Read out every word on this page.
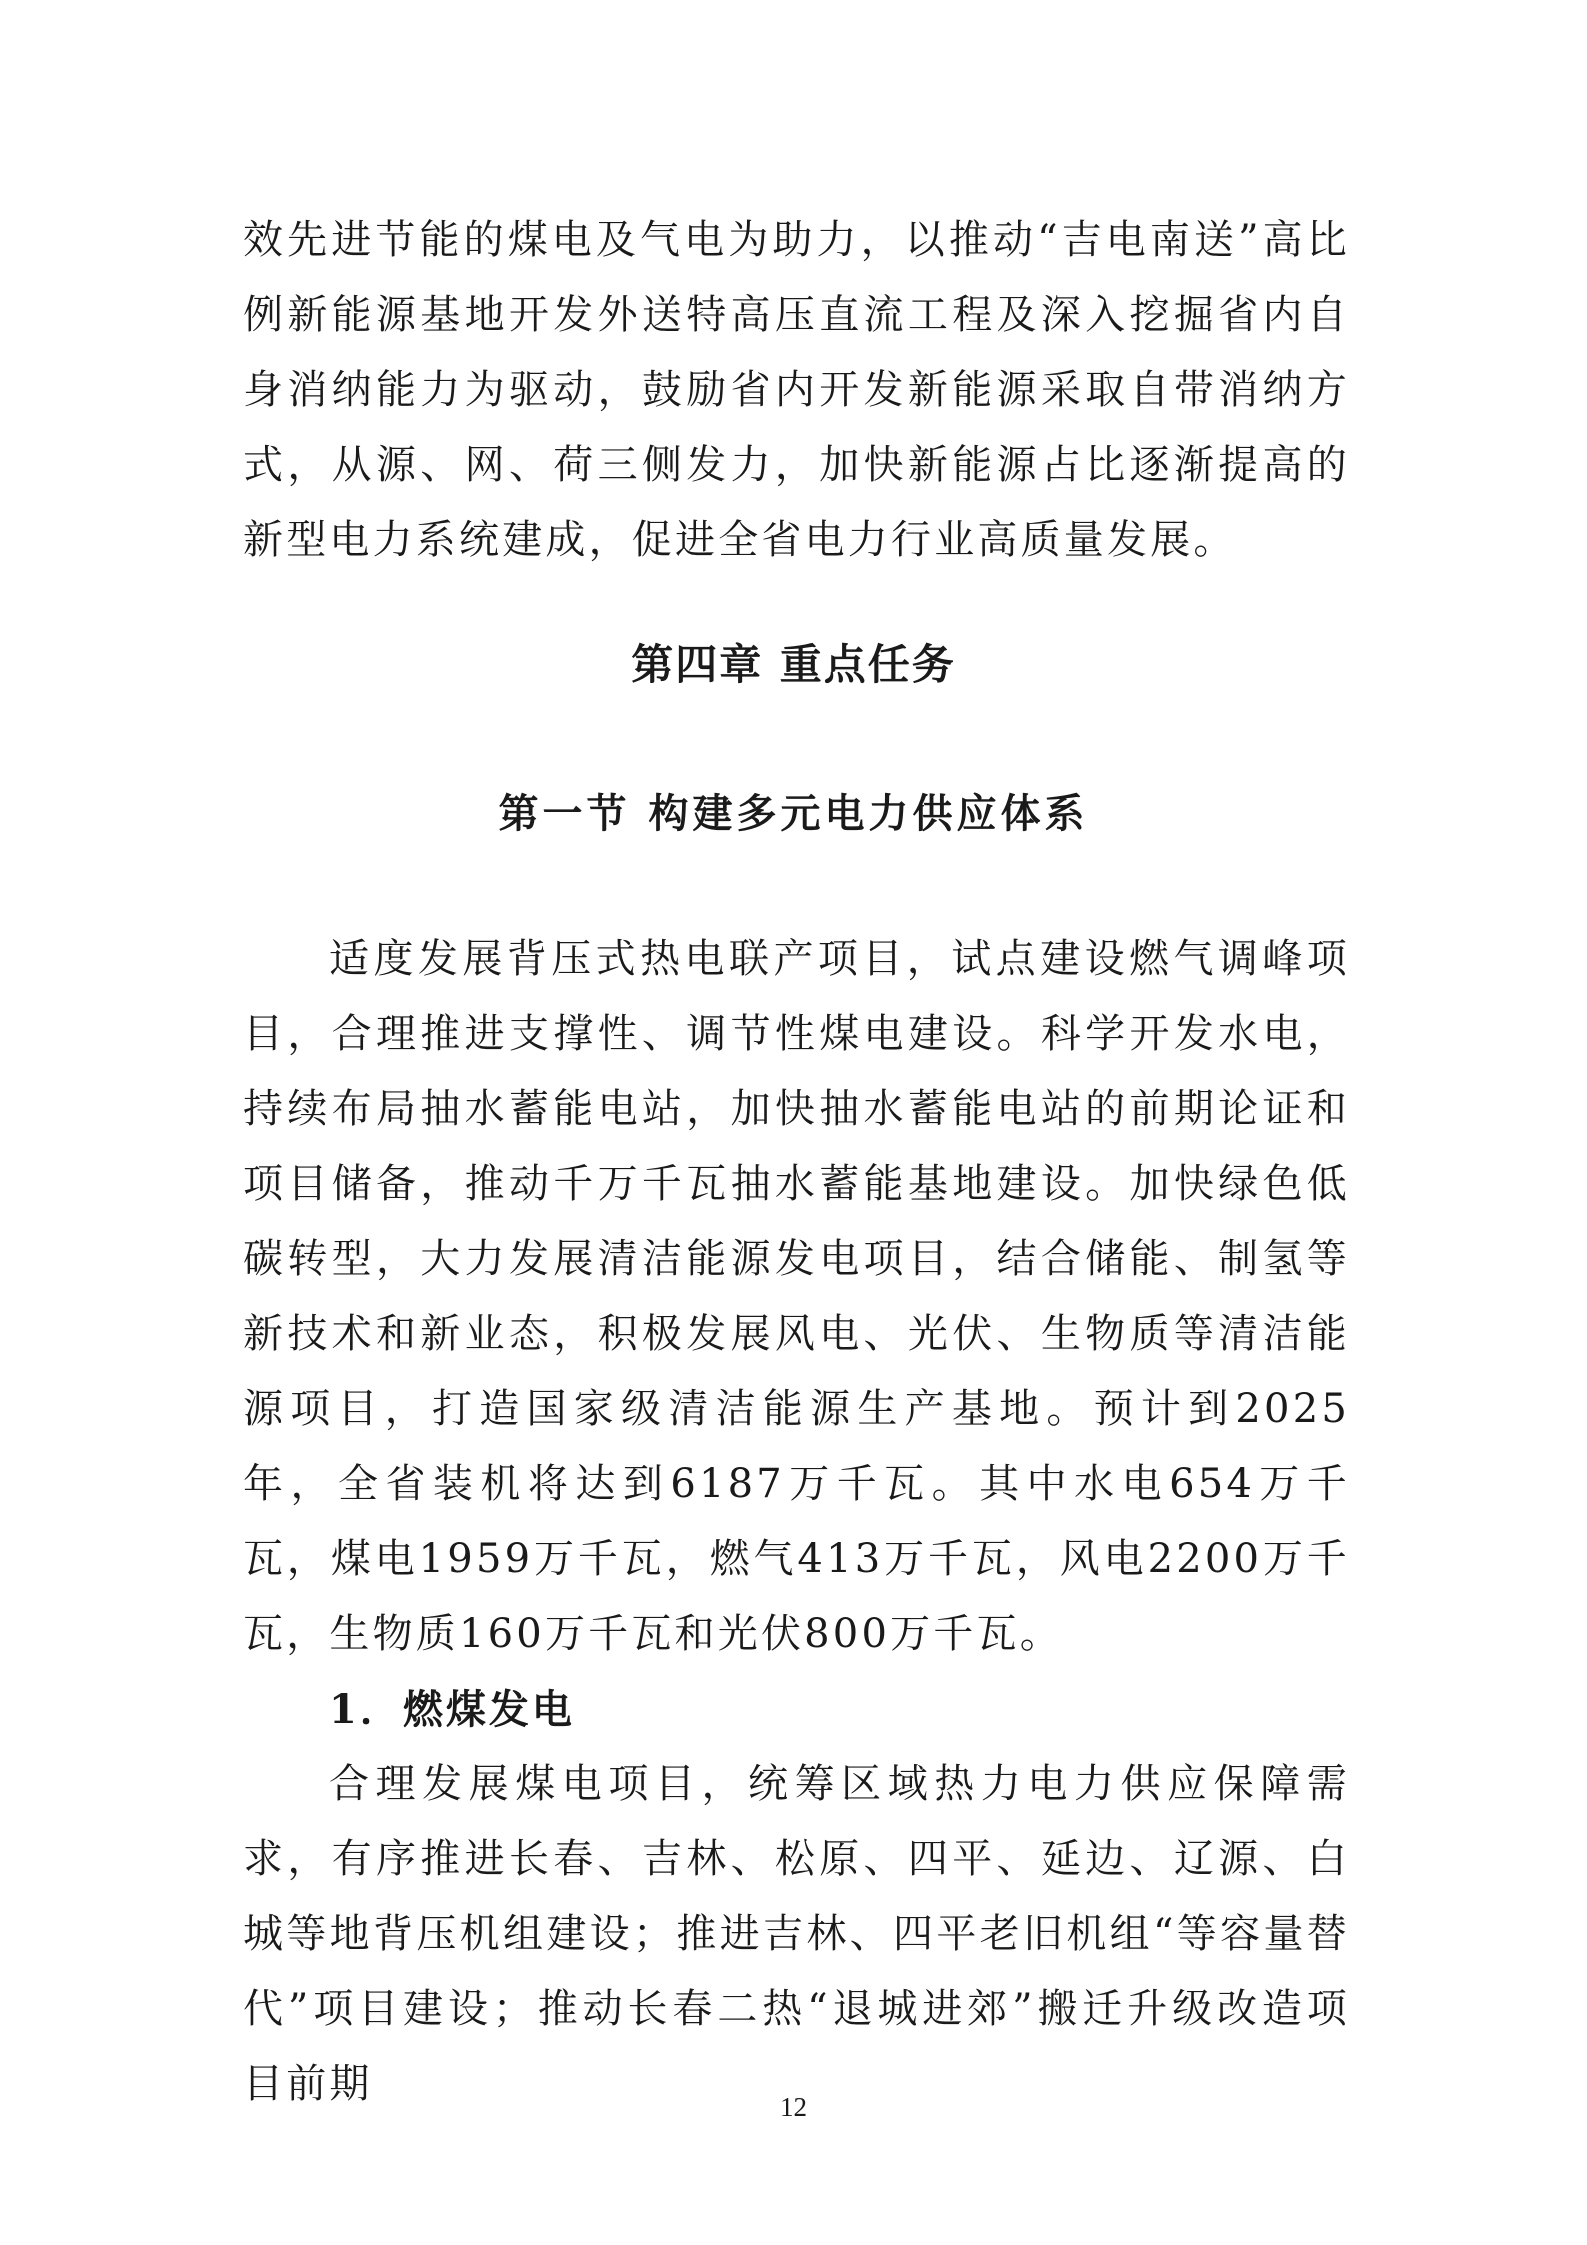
效先进节能的煤电及气电为助力，以推动“吉电南送”高比例新能源基地开发外送特高压直流工程及深入挖掘省内自身消纳能力为驱动，鼓励省内开发新能源采取自带消纳方式，从源、网、荷三侧发力，加快新能源占比逐渐提高的新型电力系统建成，促进全省电力行业高质量发展。

第四章 重点任务
第一节 构建多元电力供应体系

适度发展背压式热电联产项目，试点建设燃气调峰项目，合理推进支撑性、调节性煤电建设。科学开发水电，持续布局抽水蓄能电站，加快抽水蓄能电站的前期论证和项目储备，推动千万千瓦抽水蓄能基地建设。加快绿色低碳转型，大力发展清洁能源发电项目，结合储能、制氢等新技术和新业态，积极发展风电、光伏、生物质等清洁能源项目，打造国家级清洁能源生产基地。预计到2025年，全省装机将达到6187万千瓦。其中水电654万千瓦，煤电1959万千瓦，燃气413万千瓦，风电2200万千瓦，生物质160万千瓦和光伏800万千瓦。

1．燃煤发电

合理发展煤电项目，统筹区域热力电力供应保障需求，有序推进长春、吉林、松原、四平、延边、辽源、白城等地背压机组建设；推进吉林、四平老旧机组“等容量替代”项目建设；推动长春二热“退城进郊”搬迁升级改造项目前期	12
